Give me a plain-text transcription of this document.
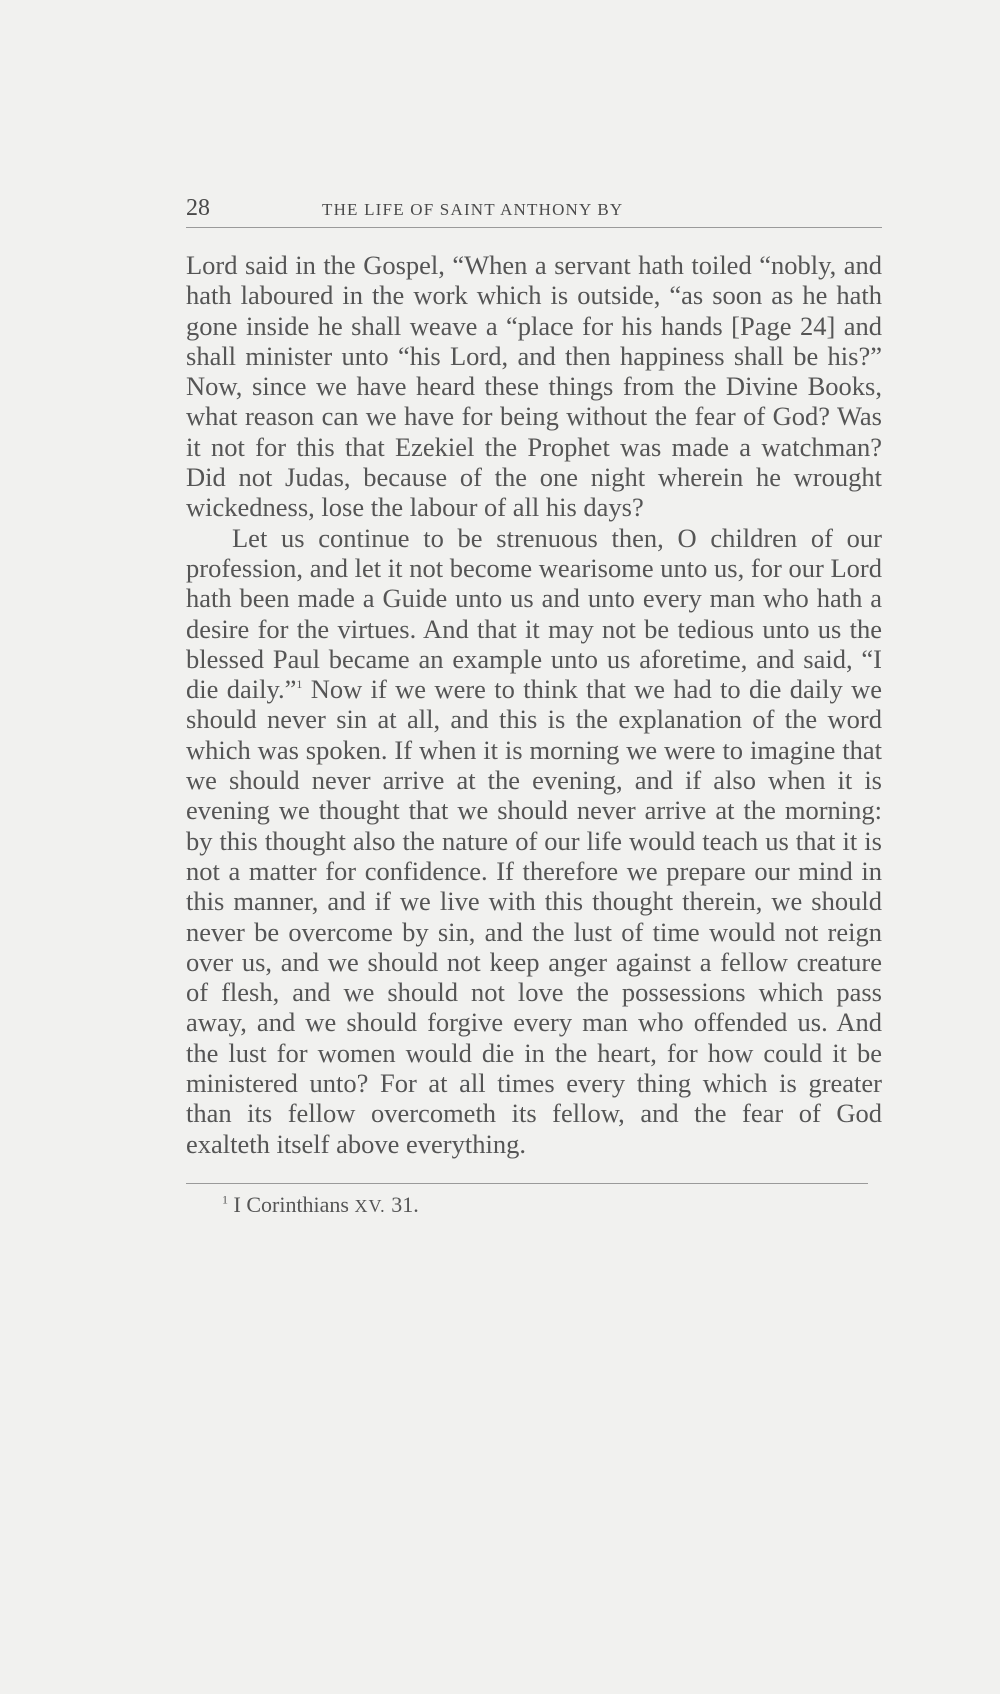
28	THE LIFE OF SAINT ANTHONY BY

Lord said in the Gospel, “When a servant hath toiled “nobly, and hath laboured in the work which is outside, “as soon as he hath gone inside he shall weave a “place for his hands [Page 24] and shall minister unto “his Lord, and then happiness shall be his?” Now, since we have heard these things from the Divine Books, what reason can we have for being without the fear of God? Was it not for this that Ezekiel the Prophet was made a watchman? Did not Judas, because of the one night wherein he wrought wickedness, lose the labour of all his days?

Let us continue to be strenuous then, O children of our profession, and let it not become wearisome unto us, for our Lord hath been made a Guide unto us and unto every man who hath a desire for the virtues. And that it may not be tedious unto us the blessed Paul became an example unto us aforetime, and said, “I die daily.”$^1$ Now if we were to think that we had to die daily we should never sin at all, and this is the explanation of the word which was spoken. If when it is morning we were to imagine that we should never arrive at the evening, and if also when it is evening we thought that we should never arrive at the morning: by this thought also the nature of our life would teach us that it is not a matter for confidence. If therefore we prepare our mind in this manner, and if we live with this thought therein, we should never be overcome by sin, and the lust of time would not reign over us, and we should not keep anger against a fellow creature of flesh, and we should not love the possessions which pass away, and we should forgive every man who offended us. And the lust for women would die in the heart, for how could it be ministered unto? For at all times every thing which is greater than its fellow overcometh its fellow, and the fear of God exalteth itself above everything.

$^1$ I Corinthians XV. 31.
